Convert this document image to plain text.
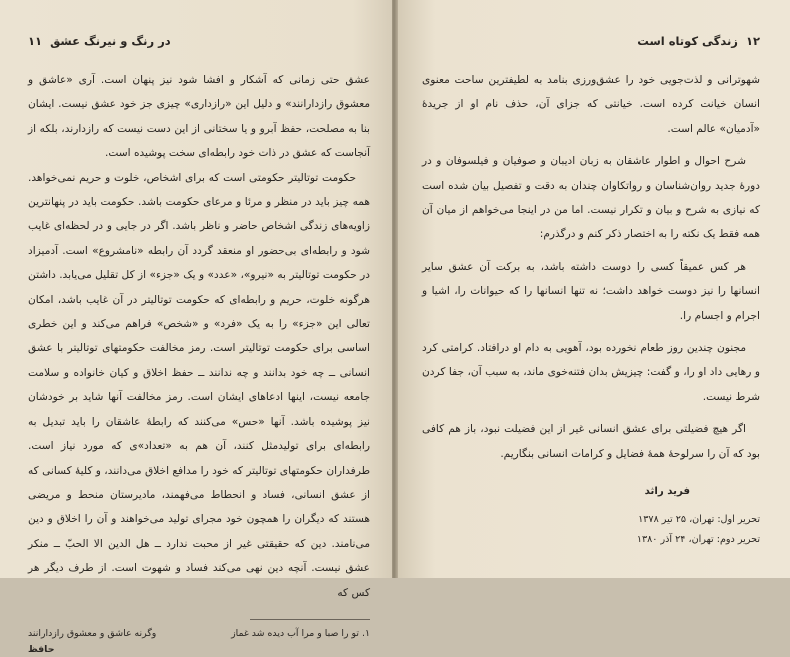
۱۲  زندگی کوتاه است

شهوترانی و لذت‌جویی خود را عشق‌ورزی بنامد به لطیفترین ساحت معنوی انسان خیانت کرده است. خیانتی که جزای آن، حذف نام او از جریدهٔ «آدمیان» عالم است.

شرح احوال و اطوار عاشقان به زبان ادیبان و صوفیان و فیلسوفان و در دورهٔ جدید روان‌شناسان و رواتکاوان چندان به دقت و تفصیل بیان شده است که نیازی به شرح و بیان و تکرار نیست. اما من در اینجا می‌خواهم از میان آن همه فقط یک نکته را به اختصار ذکر کنم و درگذرم:

هر کس عمیقاً کسی را دوست داشته باشد، به برکت آن عشق سایر انسانها را نیز دوست خواهد داشت؛ نه تنها انسانها را که حیوانات را، اشیا و اجرام و اجسام را.

مجنون چندین روز طعام نخورده بود، آهویی به دام او درافتاد. کرامتی کرد و رهایی داد او را، و گفت: چیزیش بدان فتنه‌خوی ماند، به سبب آن، جفا کردن شرط نیست.

اگر هیچ فضیلتی برای عشق انسانی غیر از این فضیلت نبود، باز هم کافی بود که آن را سرلوحهٔ همهٔ فضایل و کرامات انسانی بنگاریم.

فرید راثد
تحریر اول: تهران، ۲۵ تیر ۱۳۷۸
تحریر دوم: تهران، ۲۴ آذر ۱۳۸۰
در رنگ و نیرنگ عشق  ۱۱

عشق حتی زمانی که آشکار و افشا شود نیز پنهان است. آری «عاشق و معشوق رازدارانند» و دلیل این «رازداری» چیزی جز خود عشق نیست. ایشان بنا به مصلحت، حفظ آبرو و یا سختانی از این دست نیست که رازدارند، بلکه از آنجاست که عشق در ذات خود رابطه‌ای سخت پوشیده است.

حکومت توتالیتر حکومتی است که برای اشخاص، خلوت و حریم نمی‌خواهد. همه چیز باید در منظر و مرئا و مرعای حکومت باشد. حکومت باید در پنهانترین زاویه‌های زندگی اشخاص حاضر و ناظر باشد. اگر در جایی و در لحظه‌ای غایب شود و رابطه‌ای بی‌حضور او منعقد گردد آن رابطه «نامشروع» است. آدمیزاد در حکومت توتالیتر به «نیرو»، «عدد» و یک «جزء» از کل تقلیل می‌یابد. داشتن هرگونه خلوت، حریم و رابطه‌ای که حکومت توتالیتر در آن غایب باشد، امکان تعالی این «جزء» را به یک «فرد» و «شخص» فراهم می‌کند و این خطری اساسی برای حکومت توتالیتر است. رمز مخالفت حکومتهای توتالیتر با عشق انسانی ــ چه خود بدانند و چه ندانند ــ حفظ اخلاق و کیان خانواده و سلامت جامعه نیست، اینها ادعاهای ایشان است. رمز مخالفت آنها شاید بر خودشان نیز پوشیده باشد. آنها «حس» می‌کنند که رابطهٔ عاشقان را باید تبدیل به رابطه‌ای برای تولیدمثل کنند، آن هم به «تعداد»ی که مورد نیاز است. طرفداران حکومتهای توتالیتر که خود را مدافع اخلاق می‌دانند، و کلیهٔ کسانی که از عشق انسانی، فساد و انحطاط می‌فهمند، مادیرستان منحط و مریضی هستند که دیگران را همچون خود مجرای تولید می‌خواهند و آن را اخلاق و دین می‌نامند. دین که حقیقتی غیر از محبت ندارد ــ هل الدین الا الحبّ ــ منکر عشق نیست. آنچه دین نهی می‌کند فساد و شهوت است. از طرف دیگر هر کس که

۱. تو را صبا و مرا آب دیده شد غماز
وگرنه عاشق و معشوق رازدارانند
حافظ
